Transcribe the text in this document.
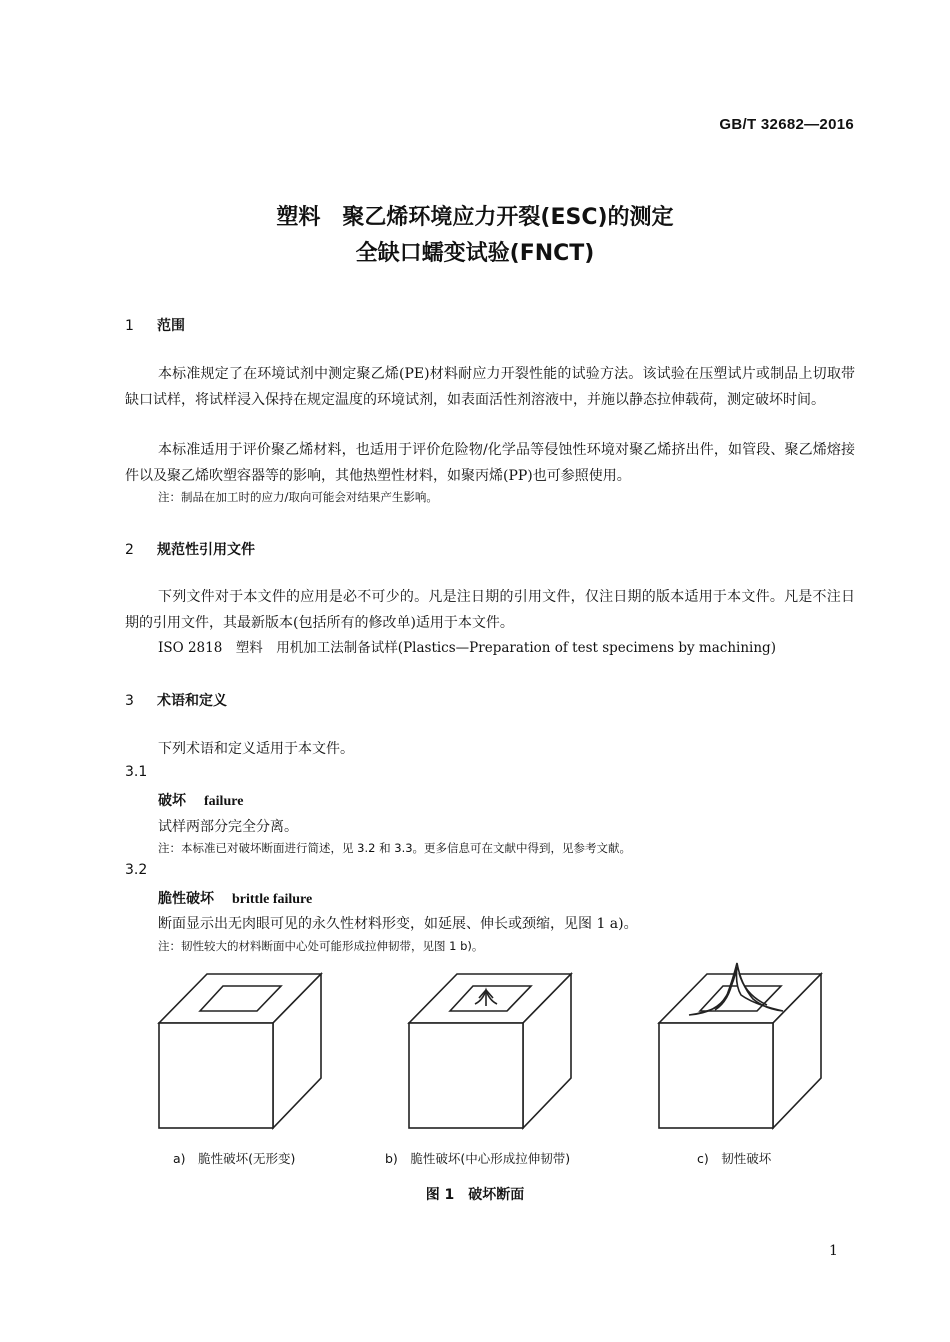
GB/T 32682—2016
塑料　聚乙烯环境应力开裂(ESC)的测定
全缺口蠕变试验(FNCT)
1 范围
本标准规定了在环境试剂中测定聚乙烯(PE)材料耐应力开裂性能的试验方法。该试验在压塑试片或制品上切取带缺口试样，将试样浸入保持在规定温度的环境试剂，如表面活性剂溶液中，并施以静态拉伸载荷，测定破坏时间。
本标准适用于评价聚乙烯材料，也适用于评价危险物/化学品等侵蚀性环境对聚乙烯挤出件，如管段、聚乙烯熔接件以及聚乙烯吹塑容器等的影响，其他热塑性材料，如聚丙烯(PP)也可参照使用。
注：制品在加工时的应力/取向可能会对结果产生影响。
2 规范性引用文件
下列文件对于本文件的应用是必不可少的。凡是注日期的引用文件，仅注日期的版本适用于本文件。凡是不注日期的引用文件，其最新版本(包括所有的修改单)适用于本文件。
ISO 2818　塑料　用机加工法制备试样(Plastics—Preparation of test specimens by machining)
3 术语和定义
下列术语和定义适用于本文件。
3.1
破坏 failure
试样两部分完全分离。
注：本标准已对破坏断面进行简述，见 3.2 和 3.3。更多信息可在文献中得到，见参考文献。
3.2
脆性破坏 brittle failure
断面显示出无肉眼可见的永久性材料形变，如延展、伸长或颈缩，见图 1 a)。
注：韧性较大的材料断面中心处可能形成拉伸韧带，见图 1 b)。
a)　 脆性破坏(无形变)	b)　 脆性破坏(中心形成拉伸韧带)	c)　 韧性破坏
图 1　破坏断面
1
